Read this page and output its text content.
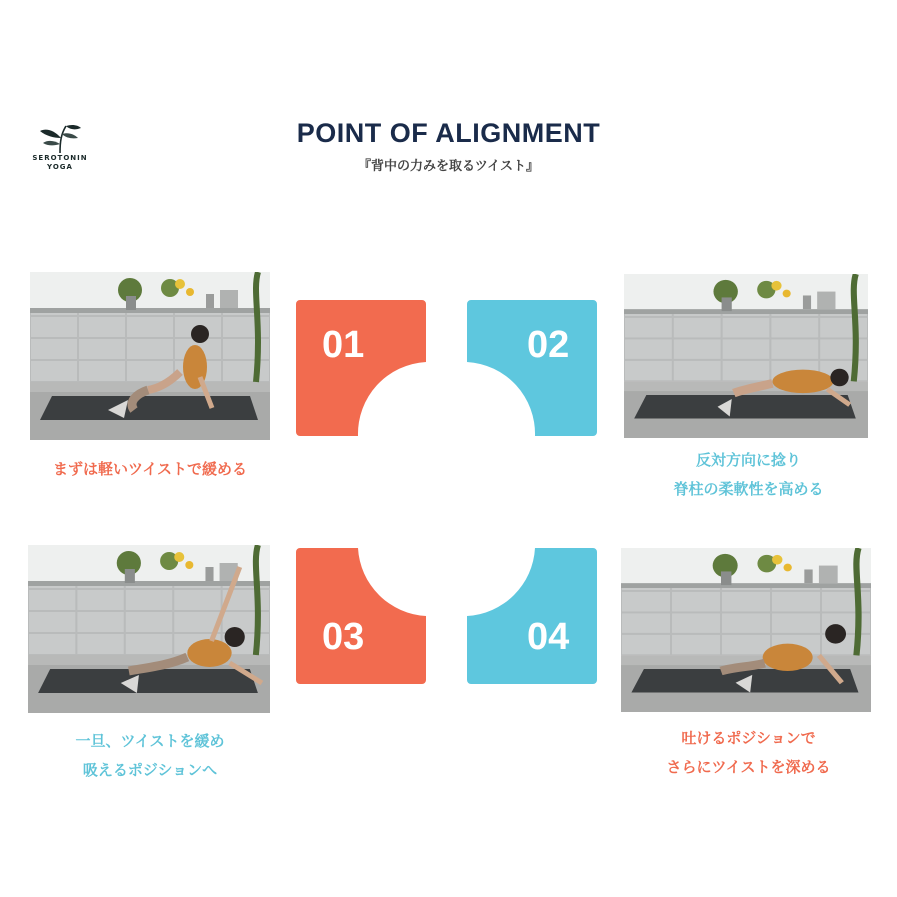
SEROTONIN
YOGA
POINT OF ALIGNMENT
『背中の力みを取るツイスト』
01	02
まずは軽いツイストで緩める	反対方向に捻り
脊柱の柔軟性を高める
03	04
一旦、ツイストを緩め
吸えるポジションへ
吐けるポジションで
さらにツイストを深める
